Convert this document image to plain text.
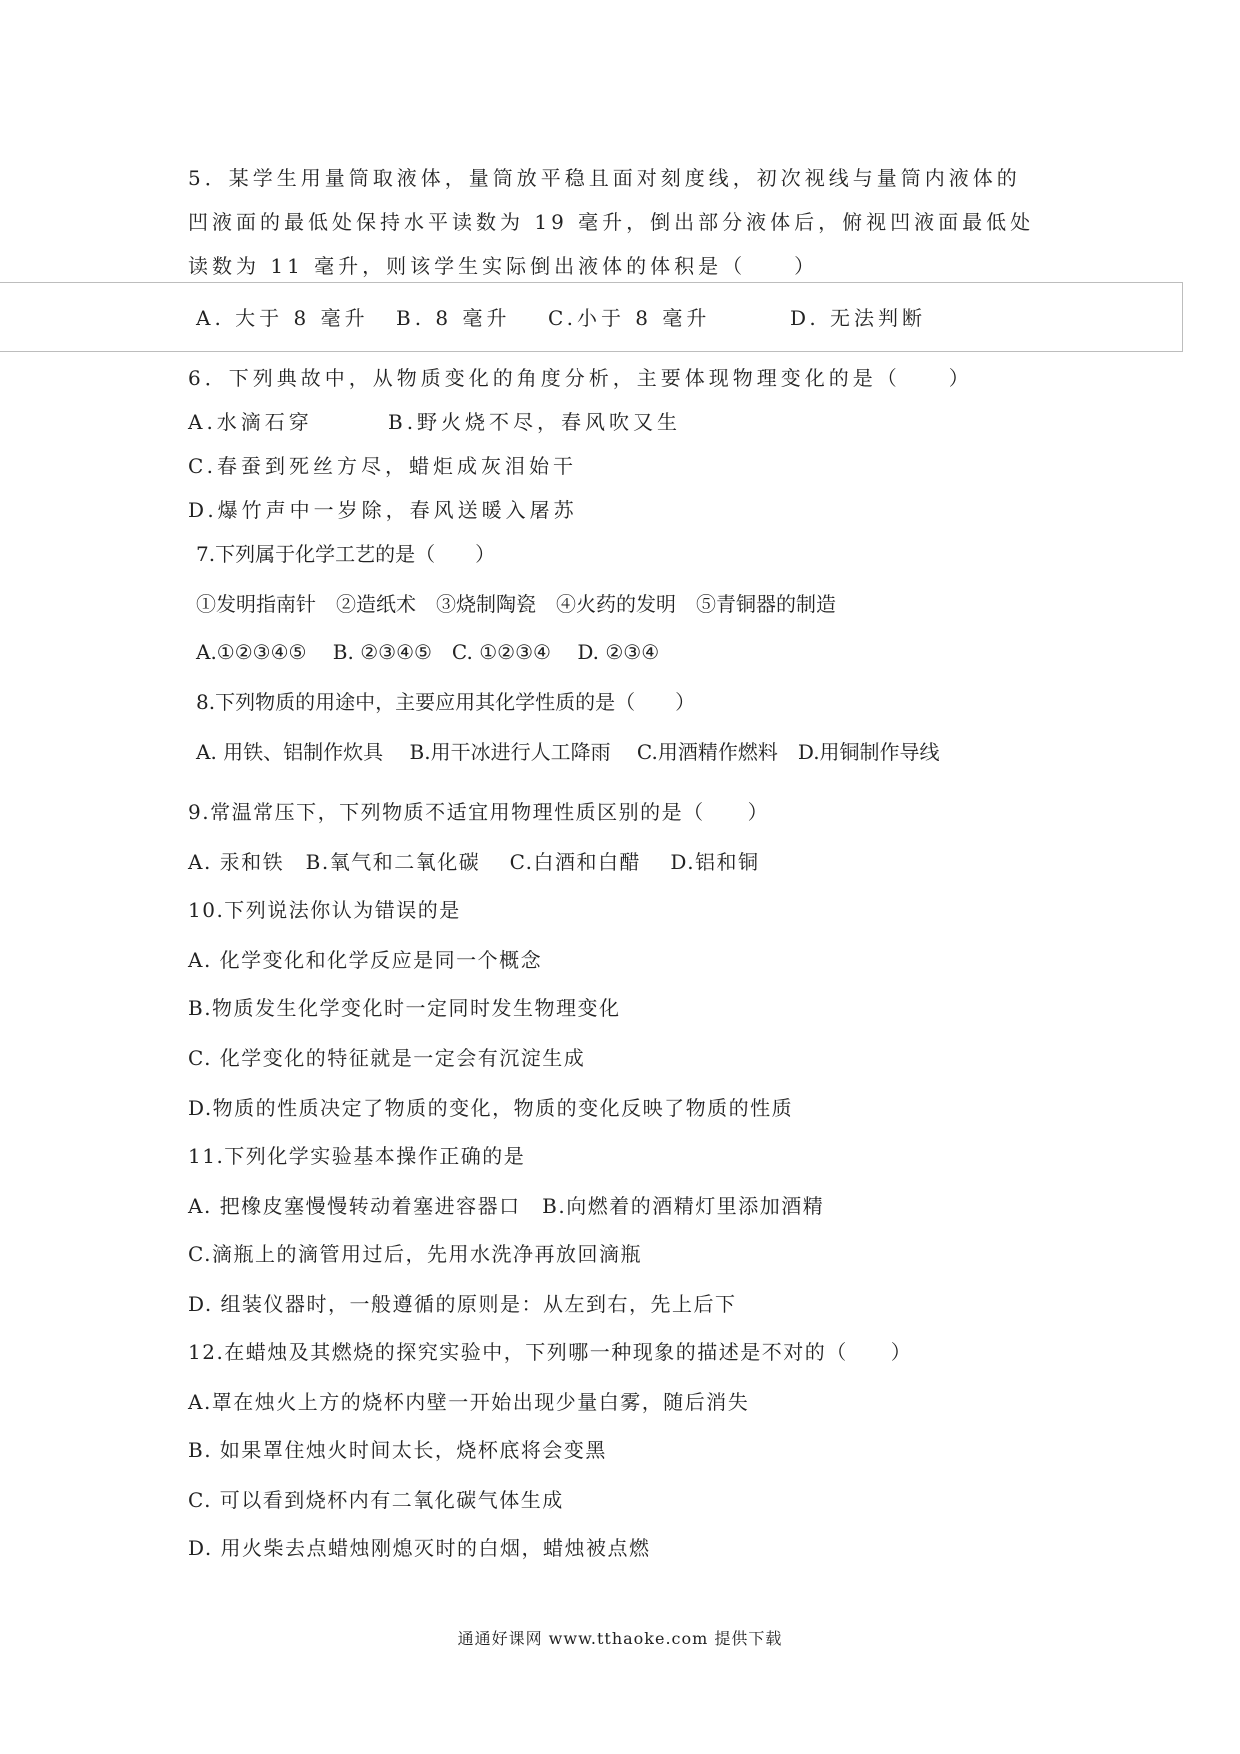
5．某学生用量筒取液体，量筒放平稳且面对刻度线，初次视线与量筒内液体的
凹液面的最低处保持水平读数为 19 毫升，倒出部分液体后，俯视凹液面最低处
读数为 11 毫升，则该学生实际倒出液体的体积是（　　）
A. 大于 8 毫升 B. 8 毫升 C.小于 8 毫升	D. 无法判断
6．下列典故中，从物质变化的角度分析，主要体现物理变化的是（　　）
A.水滴石穿	B.野火烧不尽，春风吹又生
C.春蚕到死丝方尽，蜡炬成灰泪始干
D.爆竹声中一岁除，春风送暖入屠苏
7.下列属于化学工艺的是（　　）
①发明指南针　②造纸术　③烧制陶瓷　④火药的发明　⑤青铜器的制造
A.①②③④⑤　 B. ②③④⑤　C. ①②③④　 D. ②③④
8.下列物质的用途中，主要应用其化学性质的是（　　）
A. 用铁、铝制作炊具　 B.用干冰进行人工降雨　 C.用酒精作燃料　D.用铜制作导线
9.常温常压下，下列物质不适宜用物理性质区别的是（　　）
A. 汞和铁　B.氧气和二氧化碳　 C.白酒和白醋　 D.铝和铜
10.下列说法你认为错误的是
A. 化学变化和化学反应是同一个概念
B.物质发生化学变化时一定同时发生物理变化
C. 化学变化的特征就是一定会有沉淀生成
D.物质的性质决定了物质的变化，物质的变化反映了物质的性质
11.下列化学实验基本操作正确的是
A. 把橡皮塞慢慢转动着塞进容器口　B.向燃着的酒精灯里添加酒精
C.滴瓶上的滴管用过后，先用水洗净再放回滴瓶
D. 组装仪器时，一般遵循的原则是：从左到右，先上后下
12.在蜡烛及其燃烧的探究实验中，下列哪一种现象的描述是不对的（　　）
A.罩在烛火上方的烧杯内壁一开始出现少量白雾，随后消失
B. 如果罩住烛火时间太长，烧杯底将会变黑
C. 可以看到烧杯内有二氧化碳气体生成
D. 用火柴去点蜡烛刚熄灭时的白烟，蜡烛被点燃
通通好课网 www.tthaoke.com 提供下载
